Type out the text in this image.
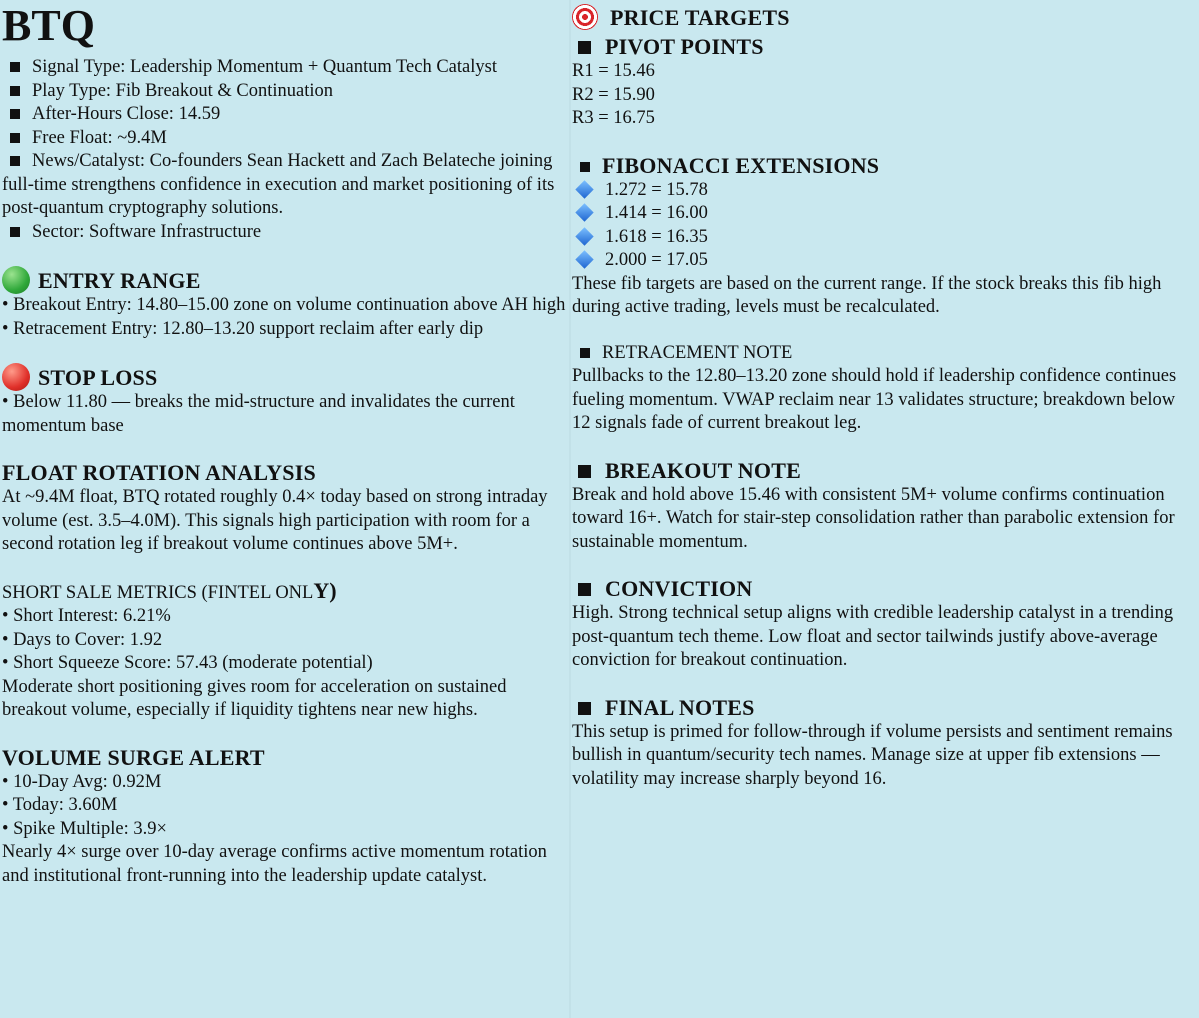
BTQ

Signal Type: Leadership Momentum + Quantum Tech Catalyst

Play Type: Fib Breakout & Continuation

After-Hours Close: 14.59

Free Float: ~9.4M

News/Catalyst: Co-founders Sean Hackett and Zach Belateche joining full-time strengthens confidence in execution and market positioning of its post-quantum cryptography solutions.

Sector: Software Infrastructure

ENTRY RANGE

• Breakout Entry: 14.80–15.00 zone on volume continuation above AH high

• Retracement Entry: 12.80–13.20 support reclaim after early dip

STOP LOSS

• Below 11.80 — breaks the mid-structure and invalidates the current momentum base

FLOAT ROTATION ANALYSIS

At ~9.4M float, BTQ rotated roughly 0.4× today based on strong intraday volume (est. 3.5–4.0M). This signals high participation with room for a second rotation leg if breakout volume continues above 5M+.

SHORT SALE METRICS (FINTEL ONLY)

• Short Interest: 6.21%

• Days to Cover: 1.92

• Short Squeeze Score: 57.43 (moderate potential)

Moderate short positioning gives room for acceleration on sustained breakout volume, especially if liquidity tightens near new highs.

VOLUME SURGE ALERT

• 10-Day Avg: 0.92M

• Today: 3.60M

• Spike Multiple: 3.9×

Nearly 4× surge over 10-day average confirms active momentum rotation and institutional front-running into the leadership update catalyst.

PRICE TARGETS

PIVOT POINTS

R1 = 15.46

R2 = 15.90

R3 = 16.75

FIBONACCI EXTENSIONS

1.272 = 15.78

1.414 = 16.00

1.618 = 16.35

2.000 = 17.05

These fib targets are based on the current range. If the stock breaks this fib high during active trading, levels must be recalculated.

RETRACEMENT NOTE

Pullbacks to the 12.80–13.20 zone should hold if leadership confidence continues fueling momentum. VWAP reclaim near 13 validates structure; breakdown below 12 signals fade of current breakout leg.

BREAKOUT NOTE

Break and hold above 15.46 with consistent 5M+ volume confirms continuation toward 16+. Watch for stair-step consolidation rather than parabolic extension for sustainable momentum.

CONVICTION

High. Strong technical setup aligns with credible leadership catalyst in a trending post-quantum tech theme. Low float and sector tailwinds justify above-average conviction for breakout continuation.

FINAL NOTES

This setup is primed for follow-through if volume persists and sentiment remains bullish in quantum/security tech names. Manage size at upper fib extensions — volatility may increase sharply beyond 16.
